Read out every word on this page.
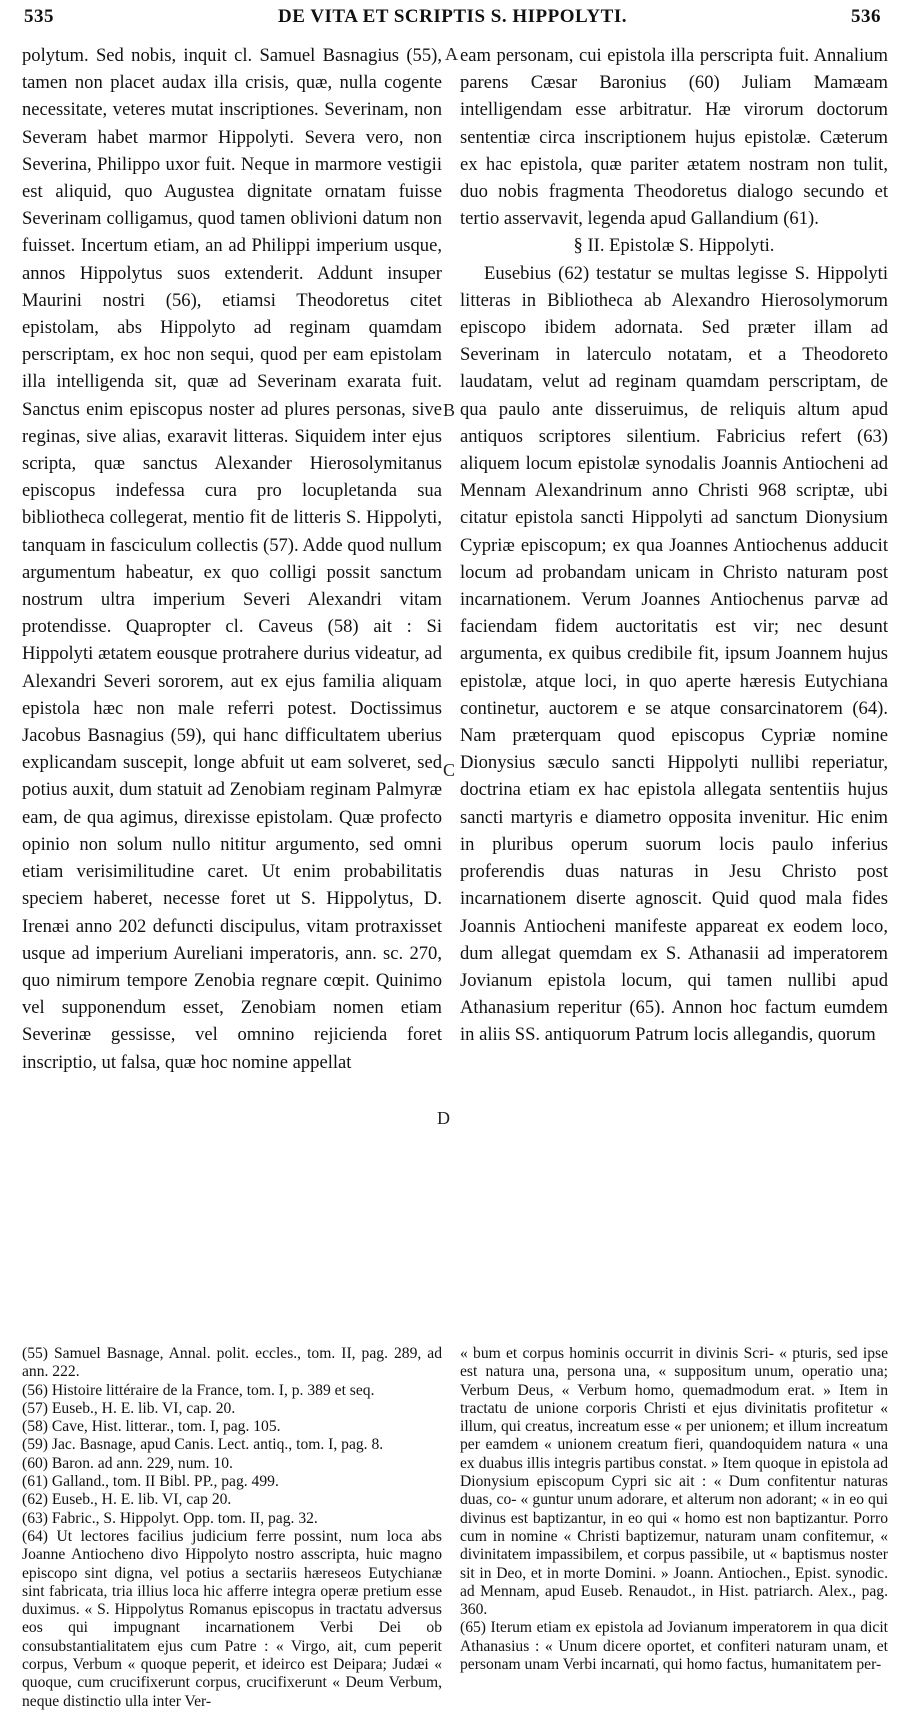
535	DE VITA ET SCRIPTIS S. HIPPOLYTI.	536
A
B
C
D

polytum. Sed nobis, inquit cl. Samuel Basnagius (55), tamen non placet audax illa crisis, quæ, nulla cogente necessitate, veteres mutat inscriptiones. Severinam, non Severam habet marmor Hippolyti. Severa vero, non Severina, Philippo uxor fuit. Neque in marmore vestigii est aliquid, quo Augustea dignitate ornatam fuisse Severinam colligamus, quod tamen oblivioni datum non fuisset. Incertum etiam, an ad Philippi imperium usque, annos Hippolytus suos extenderit. Addunt insuper Maurini nostri (56), etiamsi Theodoretus citet epistolam, abs Hippolyto ad reginam quamdam perscriptam, ex hoc non sequi, quod per eam epistolam illa intelligenda sit, quæ ad Severinam exarata fuit. Sanctus enim episcopus noster ad plures personas, sive reginas, sive alias, exaravit litteras. Siquidem inter ejus scripta, quæ sanctus Alexander Hierosolymitanus episcopus indefessa cura pro locupletanda sua bibliotheca collegerat, mentio fit de litteris S. Hippolyti, tanquam in fasciculum collectis (57). Adde quod nullum argumentum habeatur, ex quo colligi possit sanctum nostrum ultra imperium Severi Alexandri vitam protendisse. Quapropter cl. Caveus (58) ait : Si Hippolyti ætatem eousque protrahere durius videatur, ad Alexandri Severi sororem, aut ex ejus familia aliquam epistola hæc non male referri potest. Doctissimus Jacobus Basnagius (59), qui hanc difficultatem uberius explicandam suscepit, longe abfuit ut eam solveret, sed potius auxit, dum statuit ad Zenobiam reginam Palmyræ eam, de qua agimus, direxisse epistolam. Quæ profecto opinio non solum nullo nititur argumento, sed omni etiam verisimilitudine caret. Ut enim probabilitatis speciem haberet, necesse foret ut S. Hippolytus, D. Irenæi anno 202 defuncti discipulus, vitam protraxisset usque ad imperium Aureliani imperatoris, ann. sc. 270, quo nimirum tempore Zenobia regnare cœpit. Quinimo vel supponendum esset, Zenobiam nomen etiam Severinæ gessisse, vel omnino rejicienda foret inscriptio, ut falsa, quæ hoc nomine appellat

eam personam, cui epistola illa perscripta fuit. Annalium parens Cæsar Baronius (60) Juliam Mamæam intelligendam esse arbitratur. Hæ virorum doctorum sententiæ circa inscriptionem hujus epistolæ. Cæterum ex hac epistola, quæ pariter ætatem nostram non tulit, duo nobis fragmenta Theodoretus dialogo secundo et tertio asservavit, legenda apud Gallandium (61).

§ II. Epistolæ S. Hippolyti.

Eusebius (62) testatur se multas legisse S. Hippolyti litteras in Bibliotheca ab Alexandro Hierosolymorum episcopo ibidem adornata. Sed præter illam ad Severinam in laterculo notatam, et a Theodoreto laudatam, velut ad reginam quamdam perscriptam, de qua paulo ante disseruimus, de reliquis altum apud antiquos scriptores silentium. Fabricius refert (63) aliquem locum epistolæ synodalis Joannis Antiocheni ad Mennam Alexandrinum anno Christi 968 scriptæ, ubi citatur epistola sancti Hippolyti ad sanctum Dionysium Cypriæ episcopum; ex qua Joannes Antiochenus adducit locum ad probandam unicam in Christo naturam post incarnationem. Verum Joannes Antiochenus parvæ ad faciendam fidem auctoritatis est vir; nec desunt argumenta, ex quibus credibile fit, ipsum Joannem hujus epistolæ, atque loci, in quo aperte hæresis Eutychiana continetur, auctorem e se atque consarcinatorem (64). Nam præterquam quod episcopus Cypriæ nomine Dionysius sæculo sancti Hippolyti nullibi reperiatur, doctrina etiam ex hac epistola allegata sententiis hujus sancti martyris e diametro opposita invenitur. Hic enim in pluribus operum suorum locis paulo inferius proferendis duas naturas in Jesu Christo post incarnationem diserte agnoscit. Quid quod mala fides Joannis Antiocheni manifeste appareat ex eodem loco, dum allegat quemdam ex S. Athanasii ad imperatorem Jovianum epistola locum, qui tamen nullibi apud Athanasium reperitur (65). Annon hoc factum eumdem in aliis SS. antiquorum Patrum locis allegandis, quorum

(55) Samuel Basnage, Annal. polit. eccles., tom. II, pag. 289, ad ann. 222.

(56) Histoire littéraire de la France, tom. I, p. 389 et seq.

(57) Euseb., H. E. lib. VI, cap. 20.

(58) Cave, Hist. litterar., tom. I, pag. 105.

(59) Jac. Basnage, apud Canis. Lect. antiq., tom. I, pag. 8.

(60) Baron. ad ann. 229, num. 10.

(61) Galland., tom. II Bibl. PP., pag. 499.

(62) Euseb., H. E. lib. VI, cap 20.

(63) Fabric., S. Hippolyt. Opp. tom. II, pag. 32.

(64) Ut lectores facilius judicium ferre possint, num loca abs Joanne Antiocheno divo Hippolyto nostro asscripta, huic magno episcopo sint digna, vel potius a sectariis hæreseos Eutychianæ sint fabricata, tria illius loca hic afferre integra operæ pretium esse duximus. « S. Hippolytus Romanus episcopus in tractatu adversus eos qui impugnant incarnationem Verbi Dei ob consubstantialitatem ejus cum Patre : « Virgo, ait, cum peperit corpus, Verbum « quoque peperit, et ideirco est Deipara; Judæi « quoque, cum crucifixerunt corpus, crucifixerunt « Deum Verbum, neque distinctio ulla inter Ver-

« bum et corpus hominis occurrit in divinis Scri- « pturis, sed ipse est natura una, persona una, « suppositum unum, operatio una; Verbum Deus, « Verbum homo, quemadmodum erat. » Item in tractatu de unione corporis Christi et ejus divinitatis profitetur « illum, qui creatus, increatum esse « per unionem; et illum increatum per eamdem « unionem creatum fieri, quandoquidem natura « una ex duabus illis integris partibus constat. » Item quoque in epistola ad Dionysium episcopum Cypri sic ait : « Dum confitentur naturas duas, co- « guntur unum adorare, et alterum non adorant; « in eo qui divinus est baptizantur, in eo qui « homo est non baptizantur. Porro cum in nomine « Christi baptizemur, naturam unam confitemur, « divinitatem impassibilem, et corpus passibile, ut « baptismus noster sit in Deo, et in morte Domini. » Joann. Antiochen., Epist. synodic. ad Mennam, apud Euseb. Renaudot., in Hist. patriarch. Alex., pag. 360.

(65) Iterum etiam ex epistola ad Jovianum imperatorem in qua dicit Athanasius : « Unum dicere oportet, et confiteri naturam unam, et personam unam Verbi incarnati, qui homo factus, humanitatem per-
